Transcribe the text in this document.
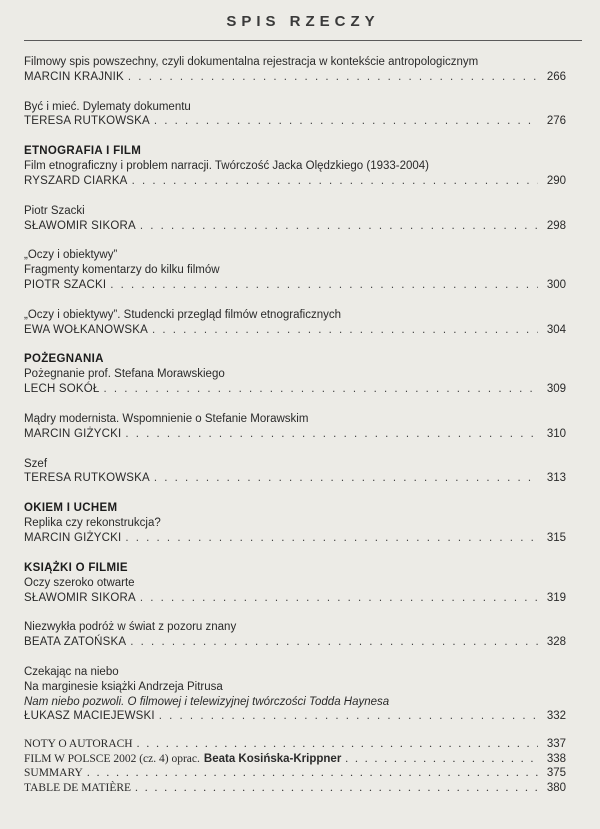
SPIS RZECZY
Filmowy spis powszechny, czyli dokumentalna rejestracja w kontekście antropologicznym
MARCIN KRAJNIK . . .	266
Być i mieć. Dylematy dokumentu
TERESA RUTKOWSKA . . .	276
ETNOGRAFIA I FILM
Film etnograficzny i problem narracji. Twórczość Jacka Olędzkiego (1933-2004)
RYSZARD CIARKA . . .	290
Piotr Szacki
SŁAWOMIR SIKORA . . .	298
„Oczy i obiektywy”
Fragmenty komentarzy do kilku filmów
PIOTR SZACKI . . .	300
„Oczy i obiektywy”. Studencki przegląd filmów etnograficznych
EWA WOŁKANOWSKA . . .	304
POŻEGNANIA
Pożegnanie prof. Stefana Morawskiego
LECH SOKÓŁ . . .	309
Mądry modernista. Wspomnienie o Stefanie Morawskim
MARCIN GIŻYCKI . . .	310
Szef
TERESA RUTKOWSKA . . .	313
OKIEM I UCHEM
Replika czy rekonstrukcja?
MARCIN GIŻYCKI . . .	315
KSIĄŻKI O FILMIE
Oczy szeroko otwarte
SŁAWOMIR SIKORA . . .	319
Niezwykła podróż w świat z pozoru znany
BEATA ZATOŃSKA . . .	328
Czekając na niebo
Na marginesie książki Andrzeja Pitrusa
Nam niebo pozwoli. O filmowej i telewizyjnej twórczości Todda Haynesa
ŁUKASZ MACIEJEWSKI . . .	332
NOTY O AUTORACH . . .	337
FILM W POLSCE 2002 (cz. 4) oprac. Beata Kosińska-Krippner . . .	338
SUMMARY . . .	375
TABLE DE MATIÈRE . . .	380
